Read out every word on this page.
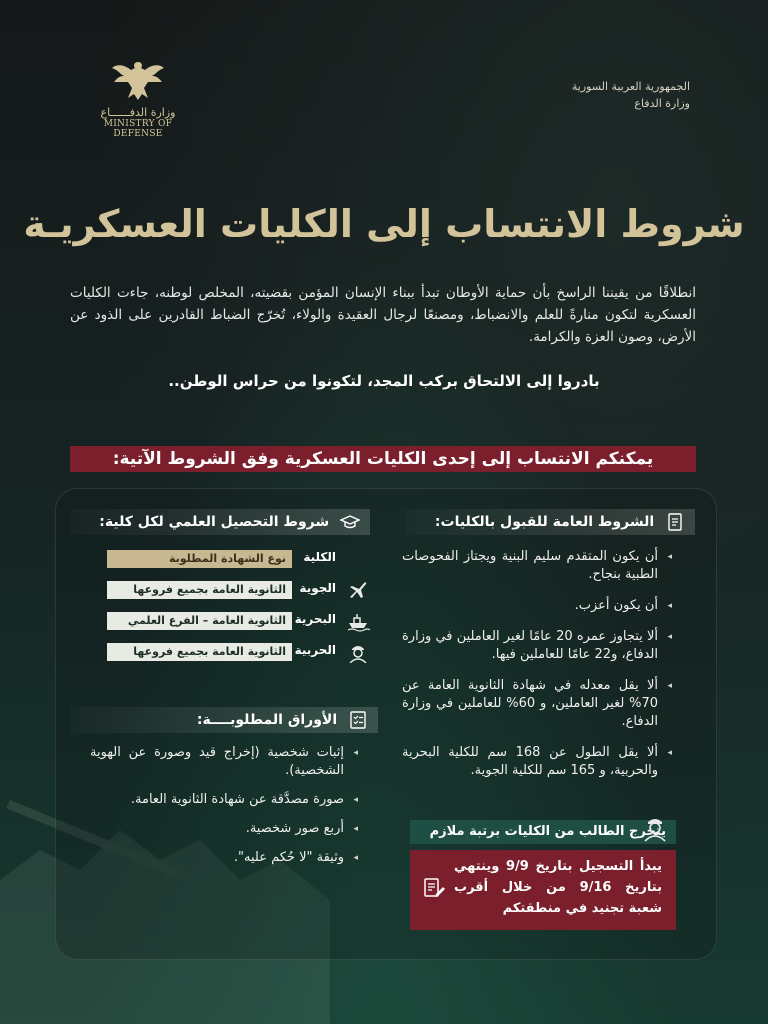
وزارة الدفــــــاع
MINISTRY OF DEFENSE
الجمهورية العربية السورية
وزارة الدفاع
شروط الانتساب إلى الكليات العسكريـة
انطلاقًا من يقيننا الراسخ بأن حماية الأوطان تبدأ ببناء الإنسان المؤمن بقضيته، المخلص لوطنه، جاءت الكليات العسكرية لتكون منارةً للعلم والانضباط، ومصنعًا لرجال العقيدة والولاء، تُخرّج الضباط القادرين على الذود عن الأرض، وصون العزة والكرامة.
بادروا إلى الالتحاق بركب المجد، لتكونوا من حراس الوطن..
يمكنكم الانتساب إلى إحدى الكليات العسكرية وفق الشروط الآتية:
الشروط العامة للقبول بالكليات:
◂ أن يكون المتقدم سليم البنية ويجتاز الفحوصات الطبية بنجاح.
◂ أن يكون أعزب.
◂ ألا يتجاوز عمره 20 عامًا لغير العاملين في وزارة الدفاع، و22 عامًا للعاملين فيها.
◂ ألا يقل معدله في شهادة الثانوية العامة عن 70% لغير العاملين، و 60% للعاملين في وزارة الدفاع.
◂ ألا يقل الطول عن 168 سم للكلية البحرية والحربية، و 165 سم للكلية الجوية.
يتخرج الطالب من الكليات برتبة ملازم
يبدأ التسجيل بتاريخ 9/9 وينتهي بتاريخ 9/16 من خلال أقرب شعبة تجنيد في منطقتكم
شروط التحصيل العلمي لكل كلية:
الكلية
نوع الشهادة المطلوبة
الجوية
الثانوية العامة بجميع فروعها
البحرية
الثانوية العامة – الفرع العلمي
الحربية
الثانوية العامة بجميع فروعها
الأوراق المطلوبــــة:
◂ إثبات شخصية (إخراج قيد وصورة عن الهوية الشخصية).
◂ صورة مصدَّقة عن شهادة الثانوية العامة.
◂ أربع صور شخصية.
◂ وثيقة "لا حُكم عليه".
